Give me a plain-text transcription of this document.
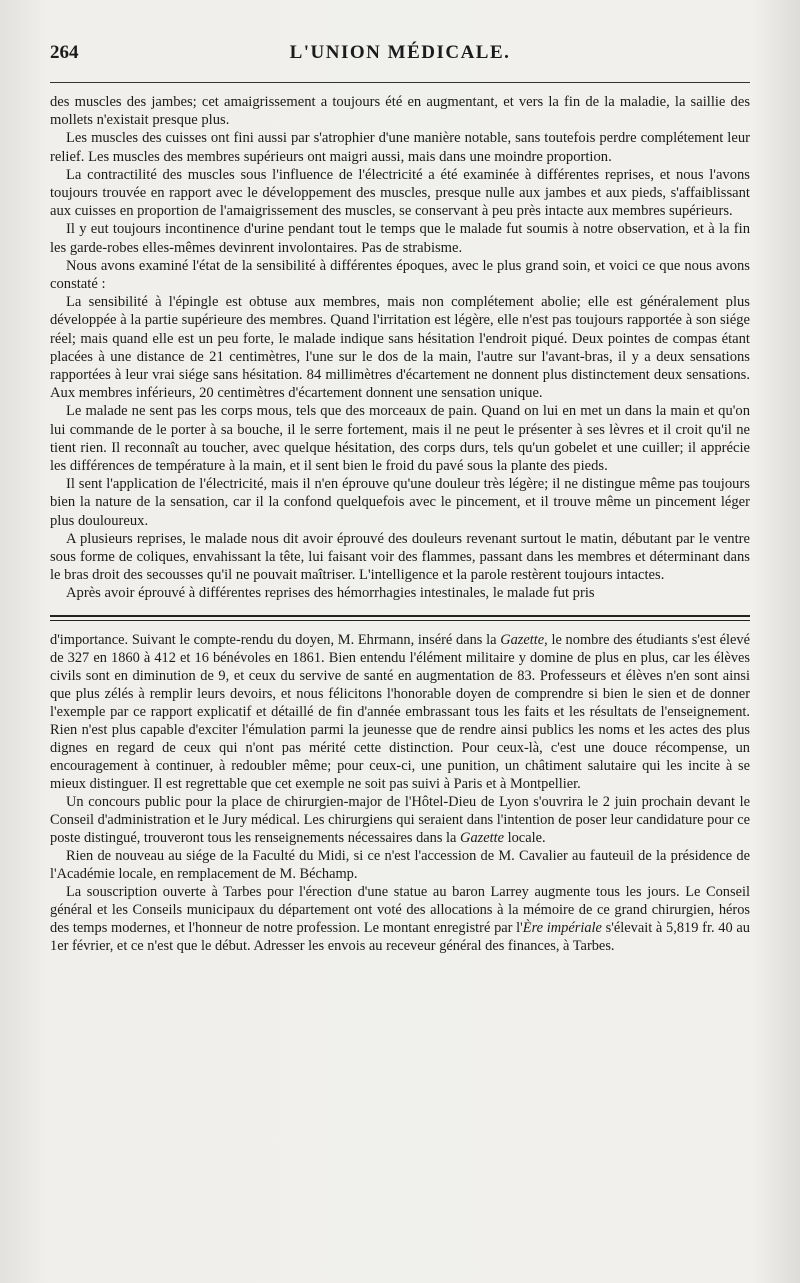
264	L'UNION MÉDICALE.

des muscles des jambes; cet amaigrissement a toujours été en augmentant, et vers la fin de la maladie, la saillie des mollets n'existait presque plus.

Les muscles des cuisses ont fini aussi par s'atrophier d'une manière notable, sans toutefois perdre complétement leur relief. Les muscles des membres supérieurs ont maigri aussi, mais dans une moindre proportion.

La contractilité des muscles sous l'influence de l'électricité a été examinée à différentes reprises, et nous l'avons toujours trouvée en rapport avec le développement des muscles, presque nulle aux jambes et aux pieds, s'affaiblissant aux cuisses en proportion de l'amaigrissement des muscles, se conservant à peu près intacte aux membres supérieurs.

Il y eut toujours incontinence d'urine pendant tout le temps que le malade fut soumis à notre observation, et à la fin les garde-robes elles-mêmes devinrent involontaires. Pas de strabisme.

Nous avons examiné l'état de la sensibilité à différentes époques, avec le plus grand soin, et voici ce que nous avons constaté :

La sensibilité à l'épingle est obtuse aux membres, mais non complétement abolie; elle est généralement plus développée à la partie supérieure des membres. Quand l'irritation est légère, elle n'est pas toujours rapportée à son siége réel; mais quand elle est un peu forte, le malade indique sans hésitation l'endroit piqué. Deux pointes de compas étant placées à une distance de 21 centimètres, l'une sur le dos de la main, l'autre sur l'avant-bras, il y a deux sensations rapportées à leur vrai siége sans hésitation. 84 millimètres d'écartement ne donnent plus distinctement deux sensations. Aux membres inférieurs, 20 centimètres d'écartement donnent une sensation unique.

Le malade ne sent pas les corps mous, tels que des morceaux de pain. Quand on lui en met un dans la main et qu'on lui commande de le porter à sa bouche, il le serre fortement, mais il ne peut le présenter à ses lèvres et il croit qu'il ne tient rien. Il reconnaît au toucher, avec quelque hésitation, des corps durs, tels qu'un gobelet et une cuiller; il apprécie les différences de température à la main, et il sent bien le froid du pavé sous la plante des pieds.

Il sent l'application de l'électricité, mais il n'en éprouve qu'une douleur très légère; il ne distingue même pas toujours bien la nature de la sensation, car il la confond quelquefois avec le pincement, et il trouve même un pincement léger plus douloureux.

A plusieurs reprises, le malade nous dit avoir éprouvé des douleurs revenant surtout le matin, débutant par le ventre sous forme de coliques, envahissant la tête, lui faisant voir des flammes, passant dans les membres et déterminant dans le bras droit des secousses qu'il ne pouvait maîtriser. L'intelligence et la parole restèrent toujours intactes.

Après avoir éprouvé à différentes reprises des hémorrhagies intestinales, le malade fut pris

d'importance. Suivant le compte-rendu du doyen, M. Ehrmann, inséré dans la Gazette, le nombre des étudiants s'est élevé de 327 en 1860 à 412 et 16 bénévoles en 1861. Bien entendu l'élément militaire y domine de plus en plus, car les élèves civils sont en diminution de 9, et ceux du servive de santé en augmentation de 83. Professeurs et élèves n'en sont ainsi que plus zélés à remplir leurs devoirs, et nous félicitons l'honorable doyen de comprendre si bien le sien et de donner l'exemple par ce rapport explicatif et détaillé de fin d'année embrassant tous les faits et les résultats de l'enseignement. Rien n'est plus capable d'exciter l'émulation parmi la jeunesse que de rendre ainsi publics les noms et les actes des plus dignes en regard de ceux qui n'ont pas mérité cette distinction. Pour ceux-là, c'est une douce récompense, un encouragement à continuer, à redoubler même; pour ceux-ci, une punition, un châtiment salutaire qui les incite à se mieux distinguer. Il est regrettable que cet exemple ne soit pas suivi à Paris et à Montpellier.

Un concours public pour la place de chirurgien-major de l'Hôtel-Dieu de Lyon s'ouvrira le 2 juin prochain devant le Conseil d'administration et le Jury médical. Les chirurgiens qui seraient dans l'intention de poser leur candidature pour ce poste distingué, trouveront tous les renseignements nécessaires dans la Gazette locale.

Rien de nouveau au siége de la Faculté du Midi, si ce n'est l'accession de M. Cavalier au fauteuil de la présidence de l'Académie locale, en remplacement de M. Béchamp.

La souscription ouverte à Tarbes pour l'érection d'une statue au baron Larrey augmente tous les jours. Le Conseil général et les Conseils municipaux du département ont voté des allocations à la mémoire de ce grand chirurgien, héros des temps modernes, et l'honneur de notre profession. Le montant enregistré par l'Ère impériale s'élevait à 5,819 fr. 40 au 1er février, et ce n'est que le début. Adresser les envois au receveur général des finances, à Tarbes.
